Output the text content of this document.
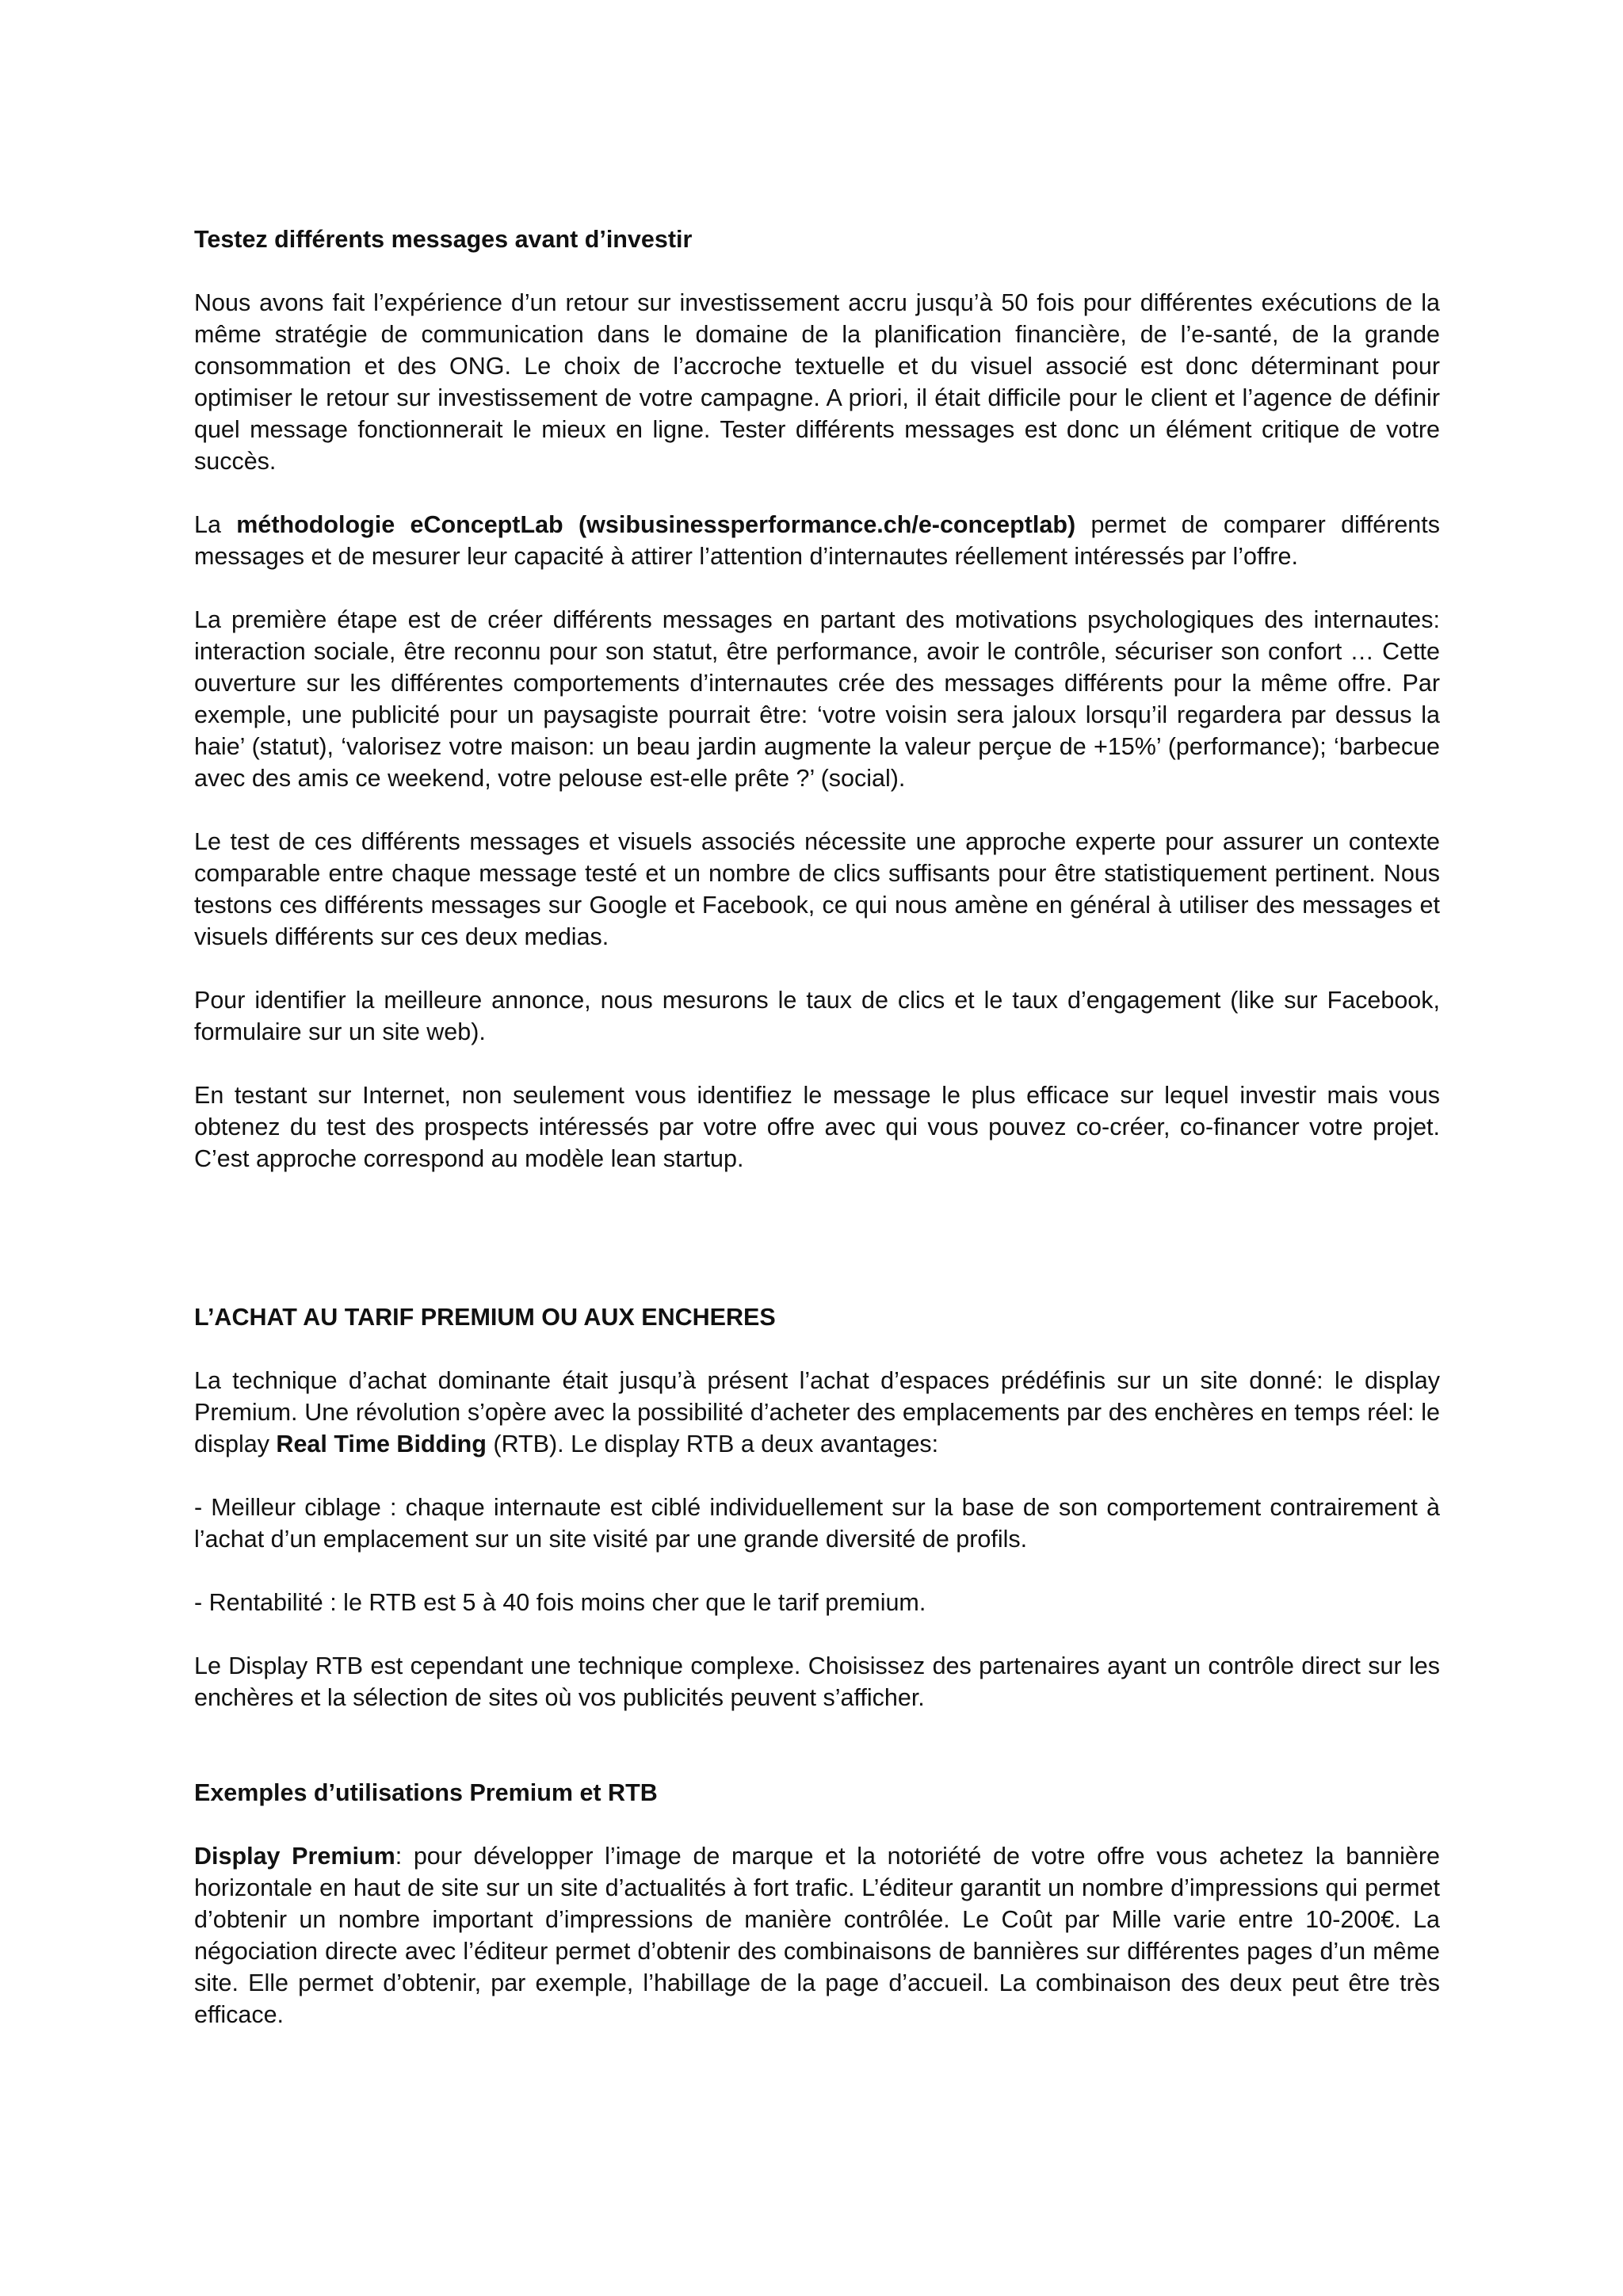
Testez différents messages avant d’investir

Nous avons fait l’expérience d’un retour sur investissement accru jusqu’à 50 fois pour différentes exécutions de la même stratégie de communication dans le domaine de la planification financière, de l’e-santé, de la grande consommation et des ONG. Le choix de l’accroche textuelle et du visuel associé est donc déterminant pour optimiser le retour sur investissement de votre campagne. A priori, il était difficile pour le client et l’agence de définir quel message fonctionnerait le mieux en ligne. Tester différents messages est donc un élément critique de votre succès.

La méthodologie eConceptLab (wsibusinessperformance.ch/e-conceptlab) permet de comparer différents messages et de mesurer leur capacité à attirer l’attention d’internautes réellement intéressés par l’offre.

La première étape est de créer différents messages en partant des motivations psychologiques des internautes: interaction sociale, être reconnu pour son statut, être performance, avoir le contrôle, sécuriser son confort … Cette ouverture sur les différentes comportements d’internautes crée des messages différents pour la même offre. Par exemple, une publicité pour un paysagiste pourrait être: ‘votre voisin sera jaloux lorsqu’il regardera par dessus la haie’ (statut), ‘valorisez votre maison: un beau jardin augmente la valeur perçue de +15%’ (performance); ‘barbecue avec des amis ce weekend, votre pelouse est-elle prête ?’ (social).

Le test de ces différents messages et visuels associés nécessite une approche experte pour assurer un contexte comparable entre chaque message testé et un nombre de clics suffisants pour être statistiquement pertinent. Nous testons ces différents messages sur Google et Facebook, ce qui nous amène en général à utiliser des messages et visuels différents sur ces deux medias.

Pour identifier la meilleure annonce, nous mesurons le taux de clics et le taux d’engagement (like sur Facebook, formulaire sur un site web).

En testant sur Internet, non seulement vous identifiez le message le plus efficace sur lequel investir mais vous obtenez du test des prospects intéressés par votre offre avec qui vous pouvez co-créer, co-financer votre projet. C’est approche correspond au modèle lean startup.

L’ACHAT AU TARIF PREMIUM OU AUX ENCHERES

La technique d’achat dominante était jusqu’à présent l’achat d’espaces prédéfinis sur un site donné: le display Premium. Une révolution s’opère avec la possibilité d’acheter des emplacements par des enchères en temps réel: le display Real Time Bidding (RTB). Le display RTB a deux avantages:

- Meilleur ciblage : chaque internaute est ciblé individuellement sur la base de son comportement contrairement à l’achat d’un emplacement sur un site visité par une grande diversité de profils.

- Rentabilité : le RTB est 5 à 40 fois moins cher que le tarif premium.

Le Display RTB est cependant une technique complexe. Choisissez des partenaires ayant un contrôle direct sur les enchères et la sélection de sites où vos publicités peuvent s’afficher.

Exemples d’utilisations Premium et RTB

Display Premium: pour développer l’image de marque et la notoriété de votre offre vous achetez la bannière horizontale en haut de site sur un site d’actualités à fort trafic. L’éditeur garantit un nombre d’impressions qui permet d’obtenir un nombre important d’impressions de manière contrôlée. Le Coût par Mille varie entre 10-200€. La négociation directe avec l’éditeur permet d’obtenir des combinaisons de bannières sur différentes pages d’un même site. Elle permet d’obtenir, par exemple, l’habillage de la page d’accueil. La combinaison des deux peut être très efficace.
